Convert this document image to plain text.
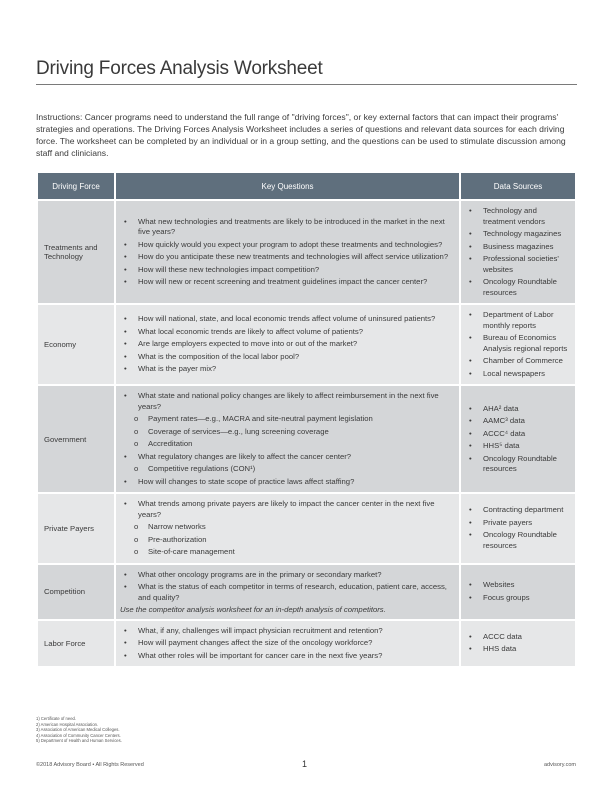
Driving Forces Analysis Worksheet
Instructions: Cancer programs need to understand the full range of "driving forces", or key external factors that can impact their programs' strategies and operations. The Driving Forces Analysis Worksheet includes a series of questions and relevant data sources for each driving force. The worksheet can be completed by an individual or in a group setting, and the questions can be used to stimulate discussion among staff and clinicians.
Driving Force	Key Questions	Data Sources
Treatments and Technology	
• What new technologies and treatments are likely to be introduced in the market in the next five years?
• How quickly would you expect your program to adopt these treatments and technologies?
• How do you anticipate these new treatments and technologies will affect service utilization?
• How will these new technologies impact competition?
• How will new or recent screening and treatment guidelines impact the cancer center?

• Technology and treatment vendors
• Technology magazines
• Business magazines
• Professional societies' websites
• Oncology Roundtable resources

Economy	
• How will national, state, and local economic trends affect volume of uninsured patients?
• What local economic trends are likely to affect volume of patients?
• Are large employers expected to move into or out of the market?
• What is the composition of the local labor pool?
• What is the payer mix?

• Department of Labor monthly reports
• Bureau of Economics Analysis regional reports
• Chamber of Commerce
• Local newspapers

Government	
• What state and national policy changes are likely to affect reimbursement in the next five years?
o Payment rates—e.g., MACRA and site-neutral payment legislation
o Coverage of services—e.g., lung screening coverage
o Accreditation
• What regulatory changes are likely to affect the cancer center?
o Competitive regulations (CON¹)
• How will changes to state scope of practice laws affect staffing?

• AHA² data
• AAMC³ data
• ACCC⁴ data
• HHS⁵ data
• Oncology Roundtable resources

Private Payers	
• What trends among private payers are likely to impact the cancer center in the next five years?
o Narrow networks
o Pre-authorization
o Site-of-care management

• Contracting department
• Private payers
• Oncology Roundtable resources

Competition	
• What other oncology programs are in the primary or secondary market?
• What is the status of each competitor in terms of research, education, patient care, access, and quality?
Use the competitor analysis worksheet for an in-depth analysis of competitors.

• Websites
• Focus groups

Labor Force	
• What, if any, challenges will impact physician recruitment and retention?
• How will payment changes affect the size of the oncology workforce?
• What other roles will be important for cancer care in the next five years?

• ACCC data
• HHS data
1) Certificate of need.
2) American Hospital Association.
3) Association of American Medical Colleges.
4) Association of Community Cancer Centers.
5) Department of Health and Human Services.
©2018 Advisory Board • All Rights Reserved	1	advisory.com
